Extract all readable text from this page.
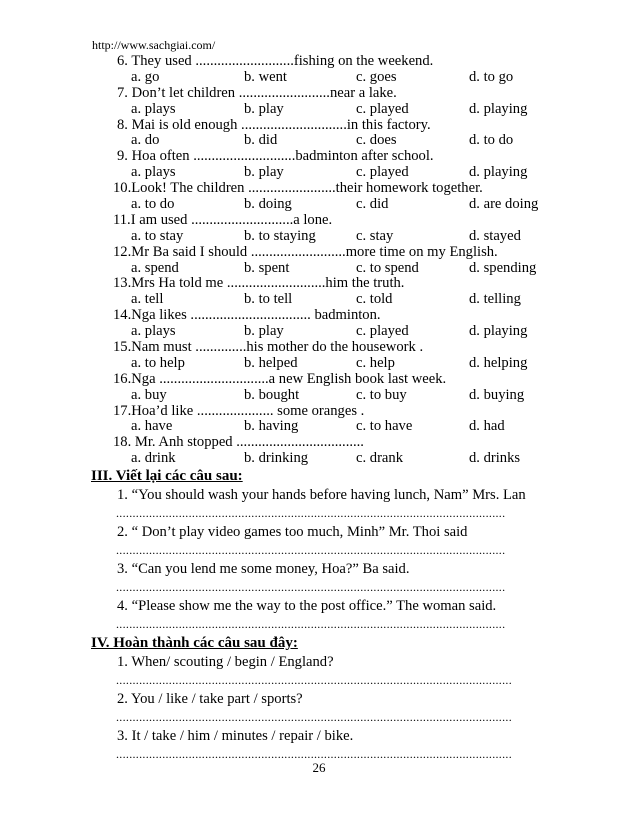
http://www.sachgiai.com/
6. They used ...........................fishing on the weekend.
a. go	b. went	c. goes	d. to go
7. Don’t let children .........................near a lake.
a. plays	b. play	c. played	d. playing
8. Mai is old enough .............................in this factory.
a. do	b. did	c. does	d. to do
9. Hoa often ............................badminton after school.
a. plays	b. play	c. played	d. playing
10.Look! The children ........................their homework together.
a. to do	b. doing	c. did	d. are doing
11.I am used ............................a lone.
a. to stay	b. to staying	c. stay	d. stayed
12.Mr Ba said I should ..........................more time on my English.
a. spend	b. spent	c. to spend	d. spending
13.Mrs Ha told me ...........................him the truth.
a. tell	b. to tell	c. told	d. telling
14.Nga likes ................................. badminton.
a. plays	b. play	c. played	d. playing
15.Nam must ..............his mother do the housework .
a. to help	b. helped	c. help	d. helping
16.Nga ..............................a new English book last week.
a. buy	b. bought	c. to buy	d. buying
17.Hoa’d like ..................... some oranges .
a. have	b. having	c. to have	d. had
18. Mr. Anh stopped ...................................
a. drink	b. drinking	c. drank	d. drinks
III. Viết lại các câu sau:
1. “You should wash your hands before having lunch, Nam” Mrs. Lan
......................................................................................................................
2. “ Don’t play video games too much, Minh” Mr. Thoi said
......................................................................................................................
3. “Can you lend me some money, Hoa?” Ba said.
......................................................................................................................
4. “Please show me the way to the post office.” The woman said.
......................................................................................................................
IV. Hoàn thành các câu sau đây:
1. When/ scouting / begin / England?
........................................................................................................................
2. You / like / take part / sports?
........................................................................................................................
3. It / take / him / minutes / repair / bike.
........................................................................................................................
26
